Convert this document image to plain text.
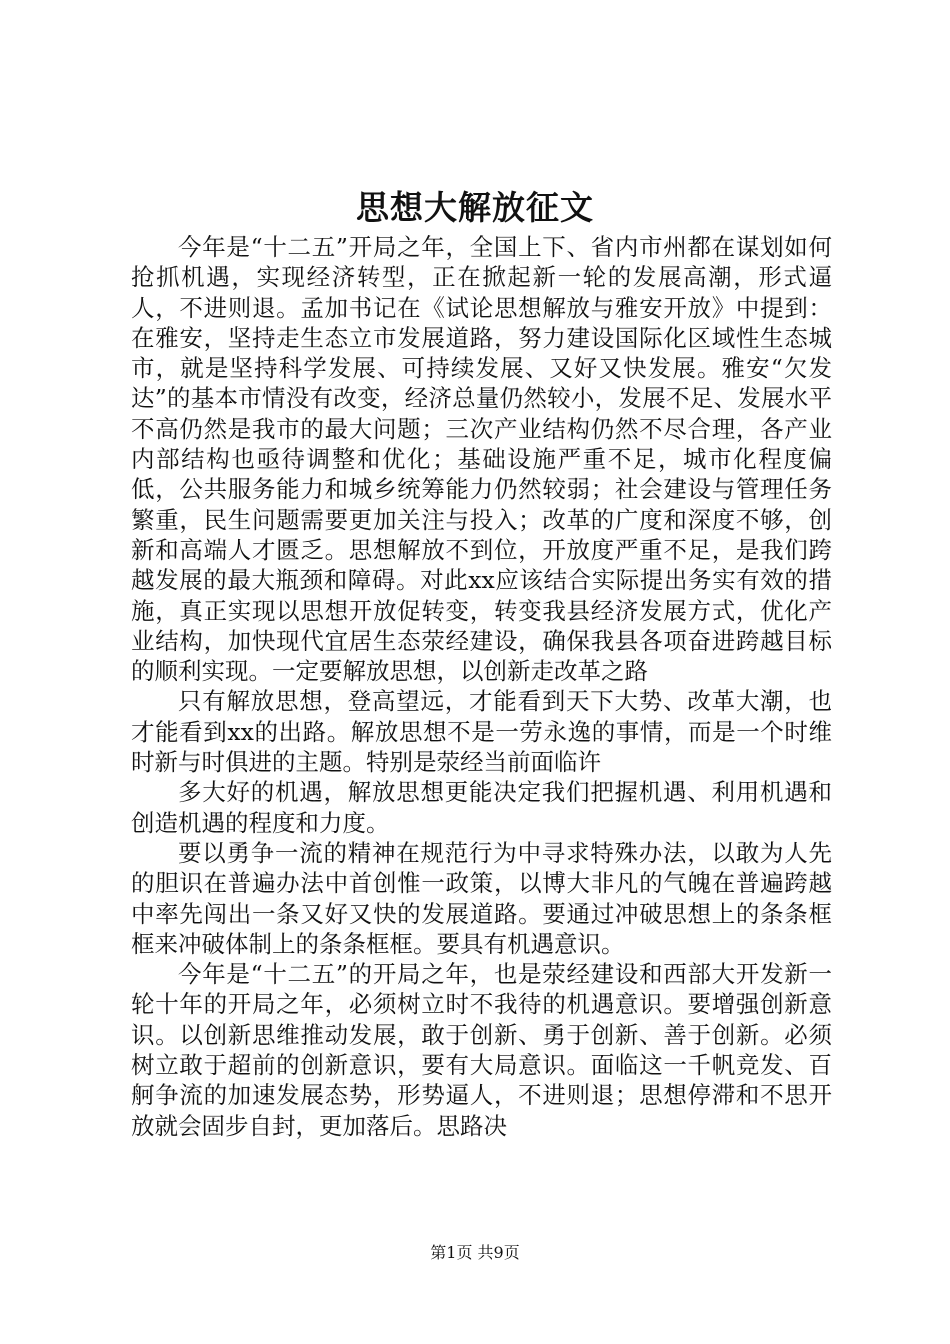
思想大解放征文

今年是“十二五”开局之年，全国上下、省内市州都在谋划如何抢抓机遇，实现经济转型，正在掀起新一轮的发展高潮，形式逼人，不进则退。孟加书记在《试论思想解放与雅安开放》中提到：在雅安，坚持走生态立市发展道路，努力建设国际化区域性生态城市，就是坚持科学发展、可持续发展、又好又快发展。雅安“欠发达”的基本市情没有改变，经济总量仍然较小，发展不足、发展水平不高仍然是我市的最大问题；三次产业结构仍然不尽合理，各产业内部结构也亟待调整和优化；基础设施严重不足，城市化程度偏低，公共服务能力和城乡统筹能力仍然较弱；社会建设与管理任务繁重，民生问题需要更加关注与投入；改革的广度和深度不够，创新和高端人才匮乏。思想解放不到位，开放度严重不足，是我们跨越发展的最大瓶颈和障碍。对此xx应该结合实际提出务实有效的措施，真正实现以思想开放促转变，转变我县经济发展方式，优化产业结构，加快现代宜居生态荥经建设，确保我县各项奋进跨越目标的顺利实现。一定要解放思想，以创新走改革之路

只有解放思想，登高望远，才能看到天下大势、改革大潮，也才能看到xx的出路。解放思想不是一劳永逸的事情，而是一个时维时新与时俱进的主题。特别是荥经当前面临许

多大好的机遇，解放思想更能决定我们把握机遇、利用机遇和创造机遇的程度和力度。

要以勇争一流的精神在规范行为中寻求特殊办法，以敢为人先的胆识在普遍办法中首创惟一政策，以博大非凡的气魄在普遍跨越中率先闯出一条又好又快的发展道路。要通过冲破思想上的条条框框来冲破体制上的条条框框。要具有机遇意识。

今年是“十二五”的开局之年，也是荥经建设和西部大开发新一轮十年的开局之年，必须树立时不我待的机遇意识。要增强创新意识。以创新思维推动发展，敢于创新、勇于创新、善于创新。必须树立敢于超前的创新意识，要有大局意识。面临这一千帆竞发、百舸争流的加速发展态势，形势逼人，不进则退；思想停滞和不思开放就会固步自封，更加落后。思路决

第1页 共9页
